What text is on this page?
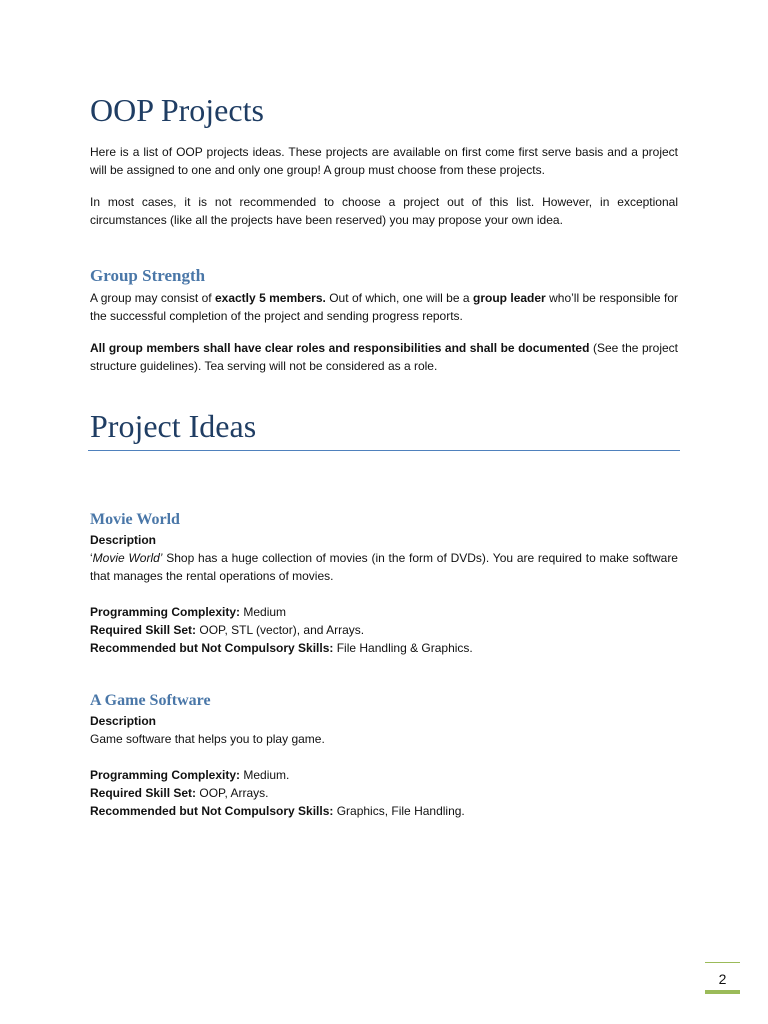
OOP Projects

Here is a list of OOP projects ideas. These projects are available on first come first serve basis and a project will be assigned to one and only one group! A group must choose from these projects.

In most cases, it is not recommended to choose a project out of this list. However, in exceptional circumstances (like all the projects have been reserved) you may propose your own idea.

Group Strength

A group may consist of exactly 5 members. Out of which, one will be a group leader who’ll be responsible for the successful completion of the project and sending progress reports.

All group members shall have clear roles and responsibilities and shall be documented (See the project structure guidelines). Tea serving will not be considered as a role.

Project Ideas
Movie World
Description

‘Movie World’ Shop has a huge collection of movies (in the form of DVDs). You are required to make software that manages the rental operations of movies.

Programming Complexity: Medium
Required Skill Set: OOP, STL (vector), and Arrays.
Recommended but Not Compulsory Skills: File Handling & Graphics.
A Game Software
Description
Game software that helps you to play game.
Programming Complexity: Medium.
Required Skill Set: OOP, Arrays.
Recommended but Not Compulsory Skills: Graphics, File Handling.
2
